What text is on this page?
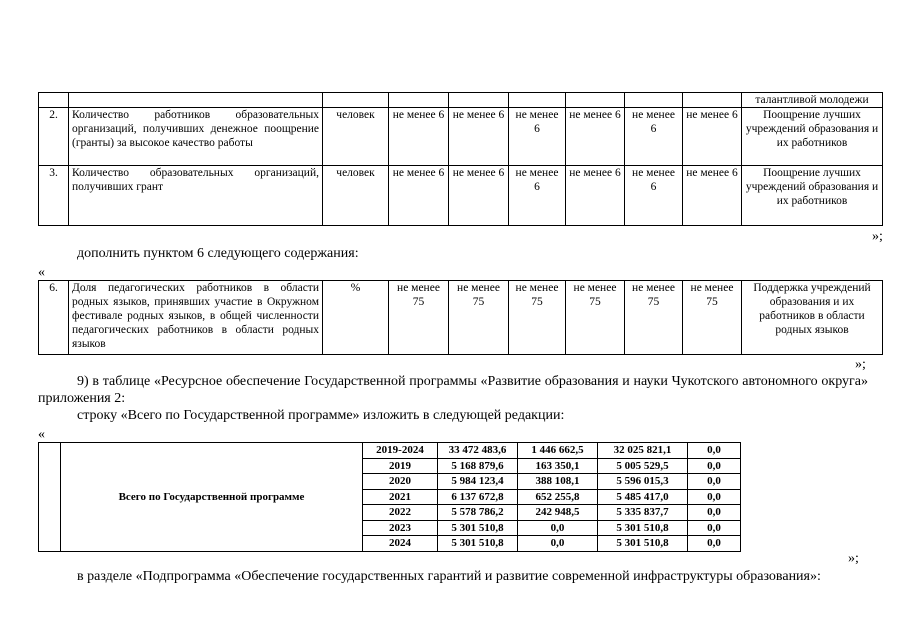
									талантливой молодежи
2.	Количество работников образовательных организаций, получивших денежное поощрение (гранты) за высокое качество работы	человек	не менее 6	не менее 6	не менее 6	не менее 6	не менее 6	не менее 6	Поощрение лучших учреждений образования и их работников
3.	Количество образовательных организаций, получивших грант	человек	не менее 6	не менее 6	не менее 6	не менее 6	не менее 6	не менее 6	Поощрение лучших учреждений образования и их работников
»;
дополнить пунктом 6 следующего содержания:
«
6.	Доля педагогических работников в области родных языков, принявших участие в Окружном фестивале родных языков, в общей численности педагогических работников в области родных языков	%	не менее 75	не менее 75	не менее 75	не менее 75	не менее 75	не менее 75	Поддержка учреждений образования и их работников в области родных языков
»;
9) в таблице «Ресурсное обеспечение Государственной программы «Развитие образования и науки Чукотского автономного округа» приложения 2:
строку «Всего по Государственной программе» изложить в следующей редакции:
«
	Всего по Государственной программе	2019-2024	33 472 483,6	1 446 662,5	32 025 821,1	0,0
		2019	5 168 879,6	163 350,1	5 005 529,5	0,0
		2020	5 984 123,4	388 108,1	5 596 015,3	0,0
		2021	6 137 672,8	652 255,8	5 485 417,0	0,0
		2022	5 578 786,2	242 948,5	5 335 837,7	0,0
		2023	5 301 510,8	0,0	5 301 510,8	0,0
		2024	5 301 510,8	0,0	5 301 510,8	0,0
»;
в разделе «Подпрограмма «Обеспечение государственных гарантий и развитие современной инфраструктуры образования»:
